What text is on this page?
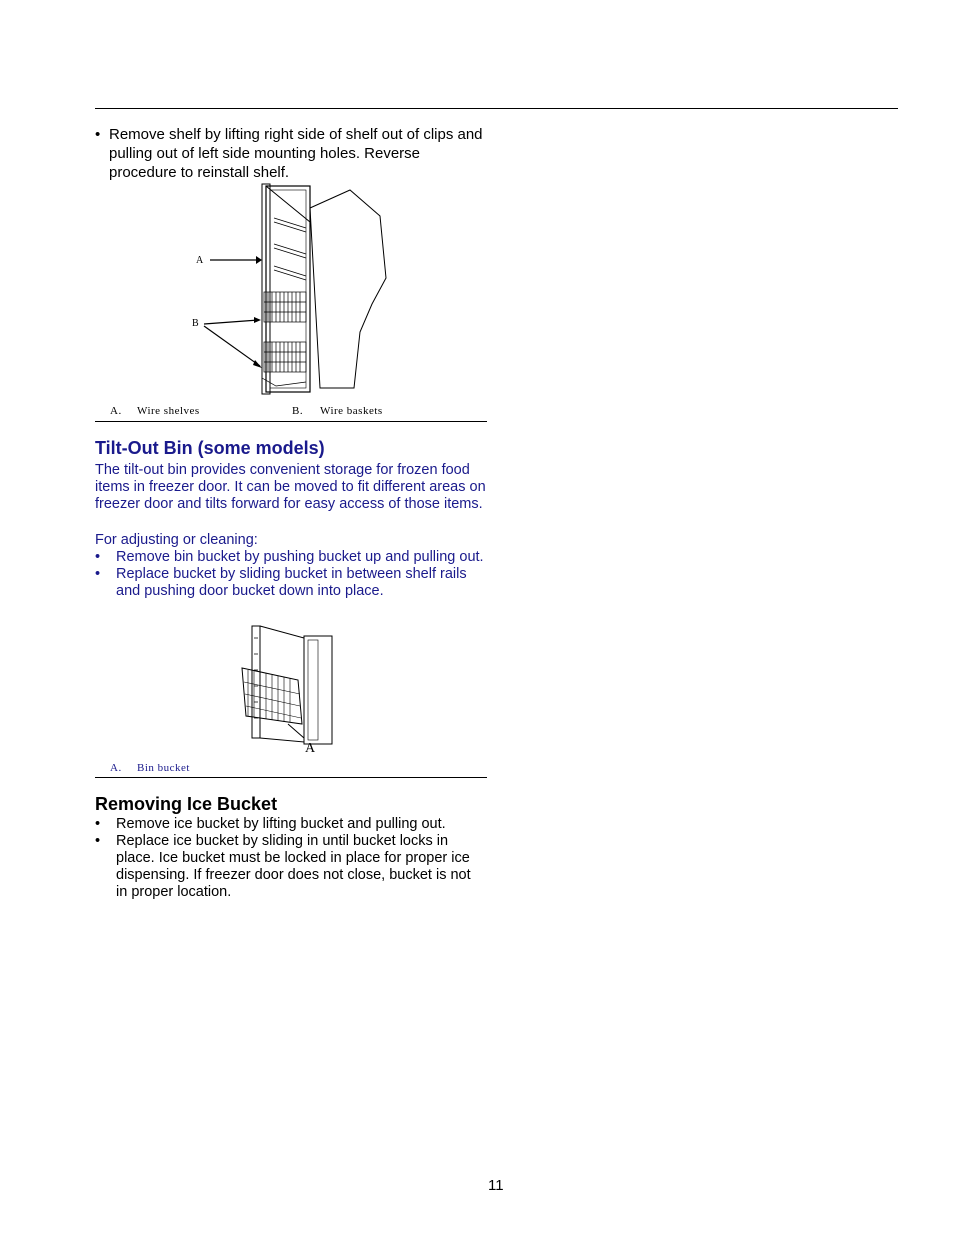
• Remove shelf by lifting right side of shelf out of clips and pulling out of left side mounting holes. Reverse procedure to reinstall shelf.
A
B
A. Wire shelves	B. Wire baskets
Tilt-Out Bin (some models)
The tilt-out bin provides convenient storage for frozen food items in freezer door. It can be moved to fit different areas on freezer door and tilts forward for easy access of those items.
For adjusting or cleaning:
• Remove bin bucket by pushing bucket up and pulling out.
• Replace bucket by sliding bucket in between shelf rails and pushing door bucket down into place.
A
A. Bin bucket
Removing Ice Bucket
• Remove ice bucket by lifting bucket and pulling out.
• Replace ice bucket by sliding in until bucket locks in place. Ice bucket must be locked in place for proper ice dispensing. If freezer door does not close, bucket is not in proper location.
11
